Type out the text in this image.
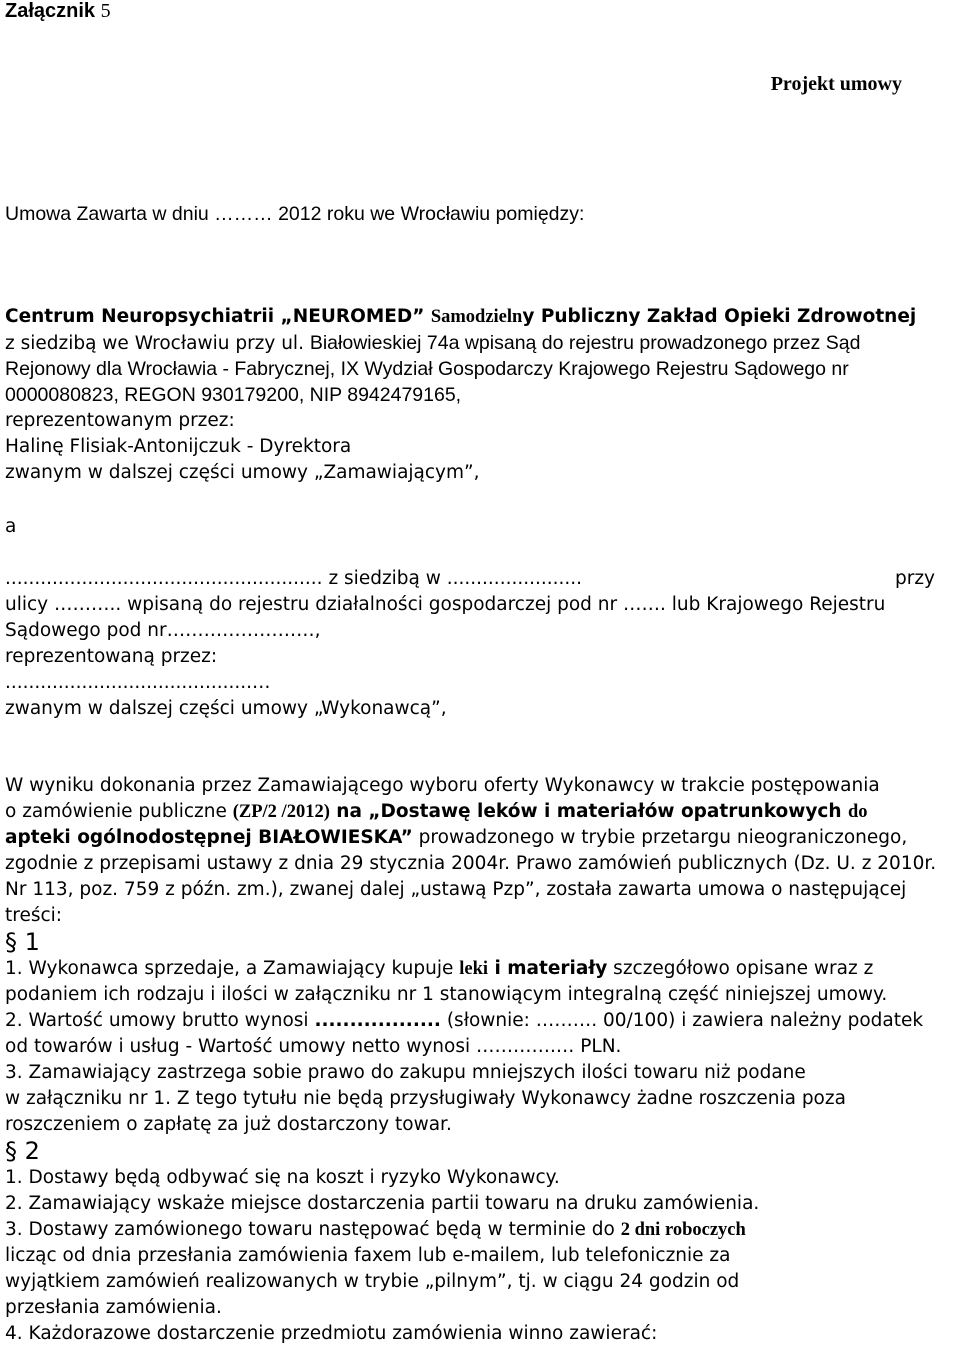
Załącznik 5
Projekt umowy
Umowa Zawarta w dniu ……… 2012 roku we Wrocławiu pomiędzy:
Centrum Neuropsychiatrii „NEUROMED” Samodzielny Publiczny Zakład Opieki Zdrowotnej
z siedzibą we Wrocławiu przy ul. Białowieskiej 74a wpisaną do rejestru prowadzonego przez Sąd
Rejonowy dla Wrocławia - Fabrycznej, IX Wydział Gospodarczy Krajowego Rejestru Sądowego nr
0000080823, REGON 930179200, NIP 8942479165,
reprezentowanym przez:
Halinę Flisiak-Antonijczuk - Dyrektora
zwanym w dalszej części umowy „Zamawiającym”,
a
...................................................... z siedzibą w .......................	przy
ulicy ……….. wpisaną do rejestru działalności gospodarczej pod nr ……. lub Krajowego Rejestru
Sądowego pod nr……………………,
reprezentowaną przez:
..........................................…
zwanym w dalszej części umowy „Wykonawcą”,
W wyniku dokonania przez Zamawiającego wyboru oferty Wykonawcy w trakcie postępowania
o zamówienie publiczne (ZP/2 /2012) na „Dostawę leków i materiałów opatrunkowych do
apteki ogólnodostępnej BIAŁOWIESKA” prowadzonego w trybie przetargu nieograniczonego,
zgodnie z przepisami ustawy z dnia 29 stycznia 2004r. Prawo zamówień publicznych (Dz. U. z 2010r.
Nr 113, poz. 759 z późn. zm.), zwanej dalej „ustawą Pzp”, została zawarta umowa o następującej
treści:
§ 1
1. Wykonawca sprzedaje, a Zamawiający kupuje leki i materiały szczegółowo opisane wraz z
podaniem ich rodzaju i ilości w załączniku nr 1 stanowiącym integralną część niniejszej umowy.
2. Wartość umowy brutto wynosi .................. (słownie: ………. 00/100) i zawiera należny podatek
od towarów i usług - Wartość umowy netto wynosi ………….… PLN.
3. Zamawiający zastrzega sobie prawo do zakupu mniejszych ilości towaru niż podane
w załączniku nr 1. Z tego tytułu nie będą przysługiwały Wykonawcy żadne roszczenia poza
roszczeniem o zapłatę za już dostarczony towar.
§ 2
1. Dostawy będą odbywać się na koszt i ryzyko Wykonawcy.
2. Zamawiający wskaże miejsce dostarczenia partii towaru na druku zamówienia.
3. Dostawy zamówionego towaru następować będą w terminie do 2 dni roboczych
licząc od dnia przesłania zamówienia faxem lub e-mailem, lub telefonicznie za
wyjątkiem zamówień realizowanych w trybie „pilnym”, tj. w ciągu 24 godzin od
przesłania zamówienia.
4. Każdorazowe dostarczenie przedmiotu zamówienia winno zawierać:
